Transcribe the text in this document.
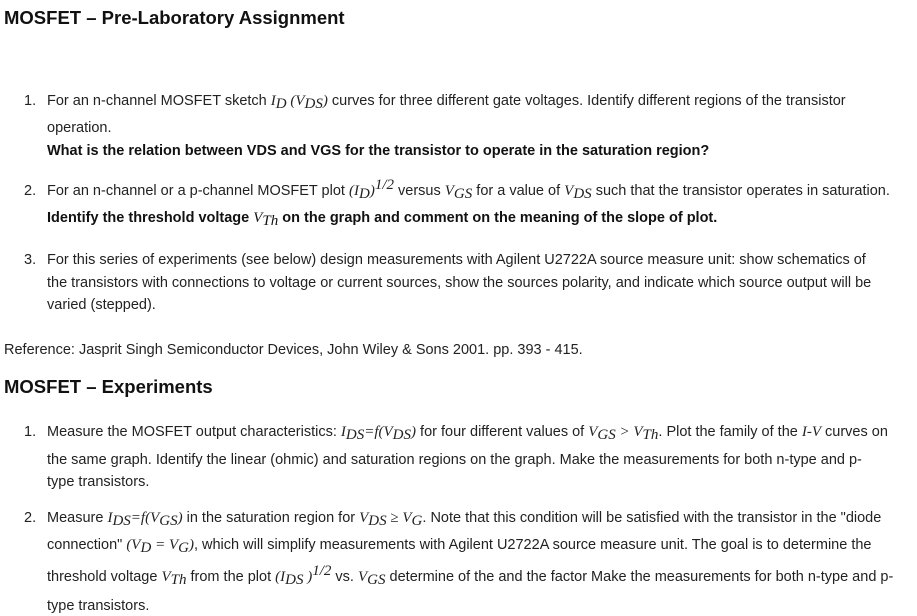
MOSFET – Pre-Laboratory Assignment
1. For an n-channel MOSFET sketch $I_D$ $(V_{DS})$ curves for three different gate voltages. Identify different regions of the transistor
operation.
What is the relation between VDS and VGS for the transistor to operate in the saturation region?
2. For an n-channel or a p-channel MOSFET plot $(I_D)^{1/2}$ versus $V_{GS}$ for a value of $V_{DS}$ such that the transistor operates in saturation.
Identify the threshold voltage $V_{Th}$ on the graph and comment on the meaning of the slope of plot.
3. For this series of experiments (see below) design measurements with Agilent U2722A source measure unit: show schematics of
the transistors with connections to voltage or current sources, show the sources polarity, and indicate which source output will be
varied (stepped).
Reference: Jasprit Singh Semiconductor Devices, John Wiley & Sons 2001. pp. 393 - 415.
MOSFET – Experiments
1. Measure the MOSFET output characteristics: $I_{DS}=f(V_{DS})$ for four different values of $V_{GS} > V_{Th}$. Plot the family of the I-V curves on
the same graph. Identify the linear (ohmic) and saturation regions on the graph. Make the measurements for both n-type and p-
type transistors.
2. Measure $I_{DS}=f(V_{GS})$ in the saturation region for $V_{DS} \ge V_G$. Note that this condition will be satisfied with the transistor in the "diode
connection" $(V_D = V_G)$, which will simplify measurements with Agilent U2722A source measure unit. The goal is to determine the
threshold voltage $V_{Th}$ from the plot ($I_{DS}$ )$^{1/2}$ vs. $V_{GS}$ determine of the and the factor Make the measurements for both n-type and p-
type transistors.
